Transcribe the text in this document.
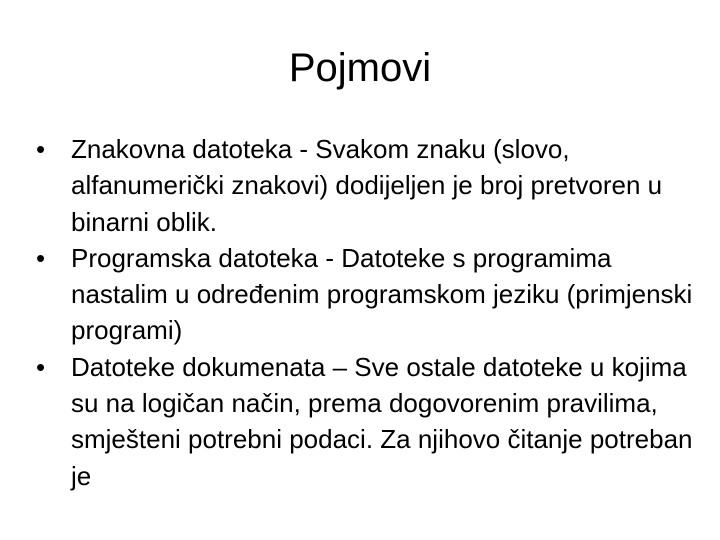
Pojmovi
• Znakovna datoteka - Svakom znaku (slovo, alfanumerički znakovi) dodijeljen je broj pretvoren u binarni oblik.
• Programska datoteka - Datoteke s programima nastalim u određenim programskom jeziku (primjenski programi)
• Datoteke dokumenata – Sve ostale datoteke u kojima su na logičan način, prema dogovorenim pravilima, smješteni potrebni podaci. Za njihovo čitanje potreban je
